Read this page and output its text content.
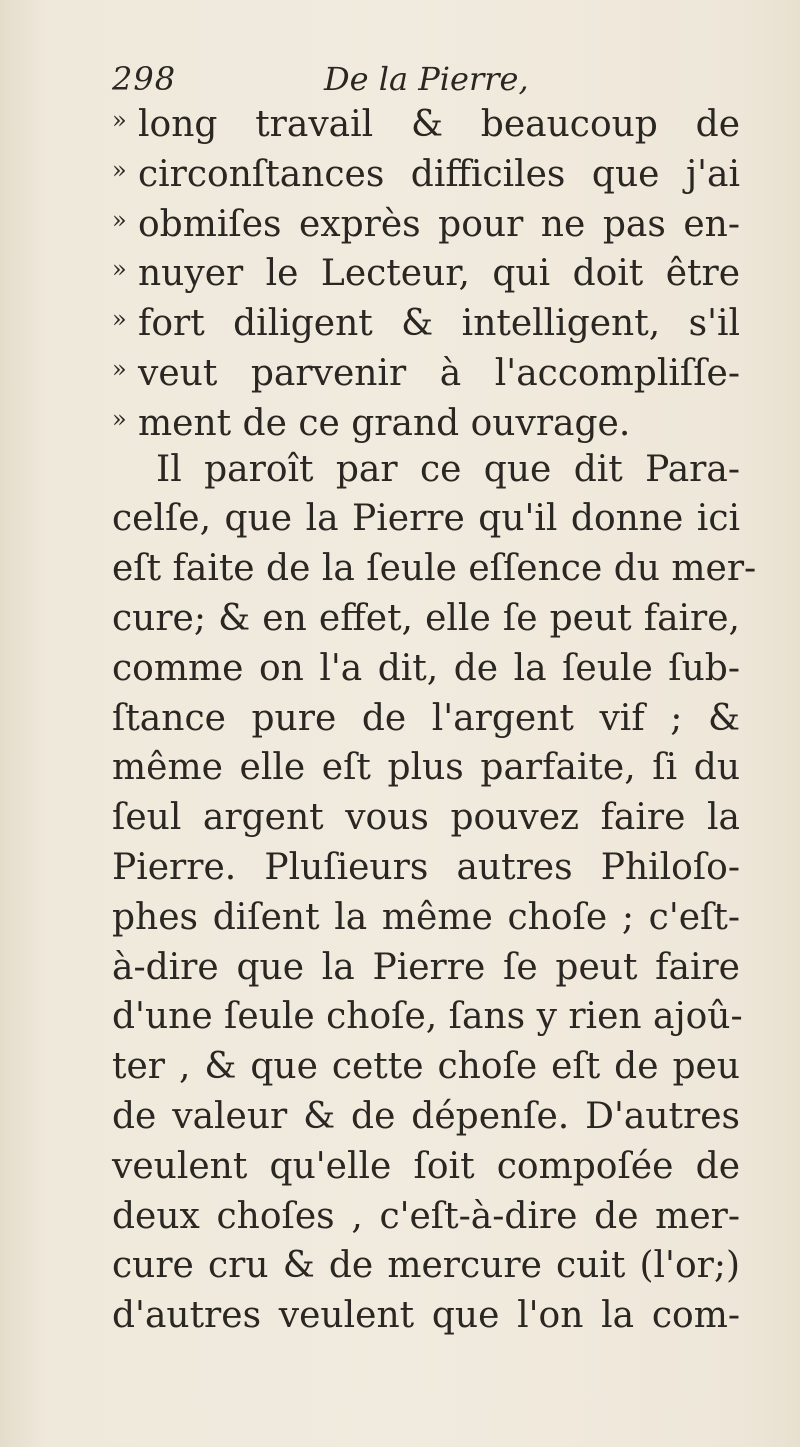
298	De la Pierre,
» long travail & beaucoup de
» circonſtances difficiles que j'ai
» obmiſes exprès pour ne pas en-
» nuyer le Lecteur, qui doit être
» fort diligent & intelligent, s'il
» veut parvenir à l'accompliſſe-
» ment de ce grand ouvrage.
Il paroît par ce que dit Para-
celſe, que la Pierre qu'il donne ici
eſt faite de la ſeule eſſence du mer-
cure; & en effet, elle ſe peut faire,
comme on l'a dit, de la ſeule ſub-
ſtance pure de l'argent vif ; &
même elle eſt plus parfaite, ſi du
ſeul argent vous pouvez faire la
Pierre. Pluſieurs autres Philoſo-
phes diſent la même choſe ; c'eſt-
à-dire que la Pierre ſe peut faire
d'une ſeule choſe, ſans y rien ajoû-
ter , & que cette choſe eſt de peu
de valeur & de dépenſe. D'autres
veulent qu'elle ſoit compoſée de
deux choſes , c'eſt-à-dire de mer-
cure cru & de mercure cuit (l'or;)
d'autres veulent que l'on la com-
